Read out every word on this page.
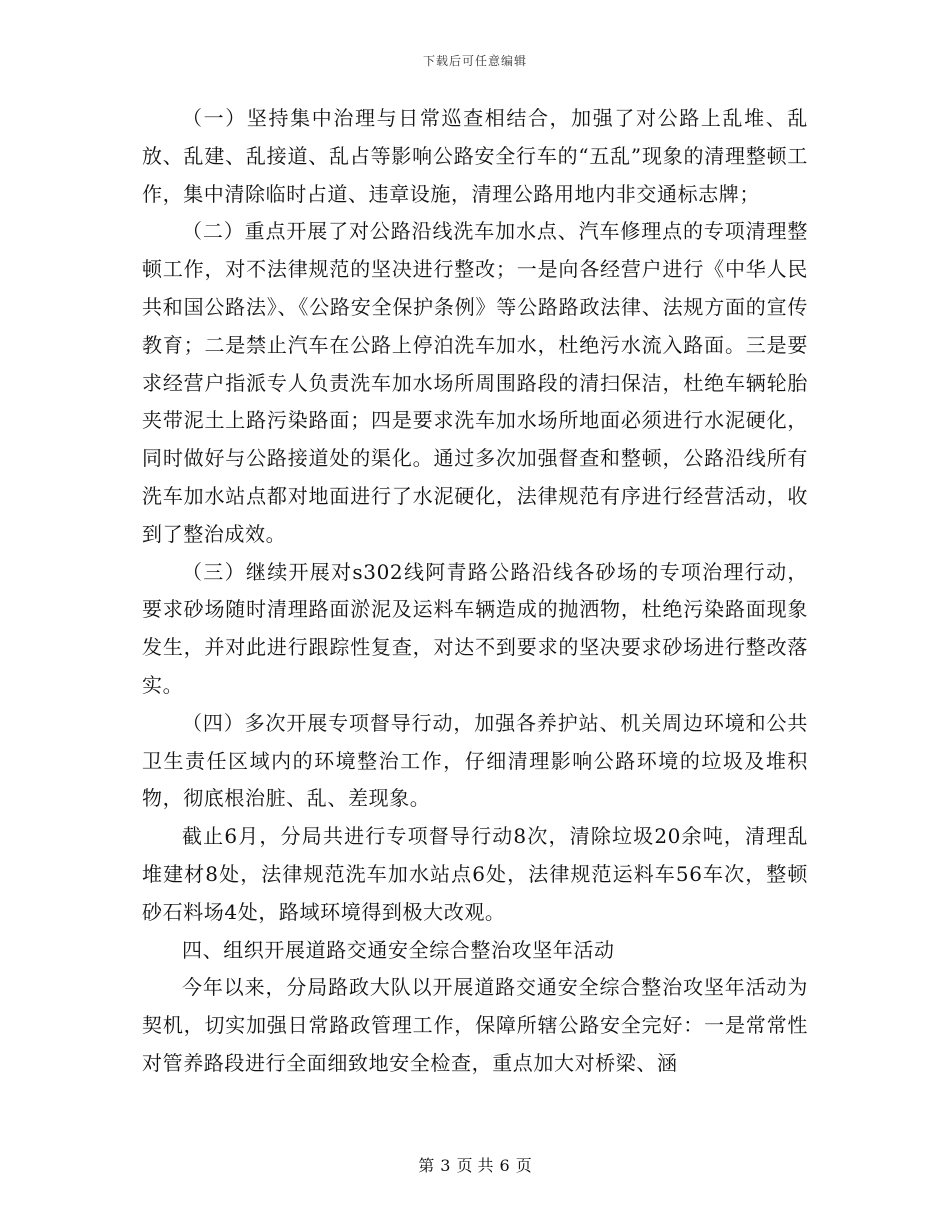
下载后可任意编辑

（一）坚持集中治理与日常巡查相结合，加强了对公路上乱堆、乱放、乱建、乱接道、乱占等影响公路安全行车的“五乱”现象的清理整顿工作，集中清除临时占道、违章设施，清理公路用地内非交通标志牌；

（二）重点开展了对公路沿线洗车加水点、汽车修理点的专项清理整顿工作，对不法律规范的坚决进行整改；一是向各经营户进行《中华人民共和国公路法》、《公路安全保护条例》等公路路政法律、法规方面的宣传教育；二是禁止汽车在公路上停泊洗车加水，杜绝污水流入路面。三是要求经营户指派专人负责洗车加水场所周围路段的清扫保洁，杜绝车辆轮胎夹带泥土上路污染路面；四是要求洗车加水场所地面必须进行水泥硬化，同时做好与公路接道处的渠化。通过多次加强督查和整顿，公路沿线所有洗车加水站点都对地面进行了水泥硬化，法律规范有序进行经营活动，收到了整治成效。

（三）继续开展对s302线阿青路公路沿线各砂场的专项治理行动，要求砂场随时清理路面淤泥及运料车辆造成的抛洒物，杜绝污染路面现象发生，并对此进行跟踪性复查，对达不到要求的坚决要求砂场进行整改落实。

（四）多次开展专项督导行动，加强各养护站、机关周边环境和公共卫生责任区域内的环境整治工作，仔细清理影响公路环境的垃圾及堆积物，彻底根治脏、乱、差现象。

截止6月，分局共进行专项督导行动8次，清除垃圾20余吨，清理乱堆建材8处，法律规范洗车加水站点6处，法律规范运料车56车次，整顿砂石料场4处，路域环境得到极大改观。

四、组织开展道路交通安全综合整治攻坚年活动

今年以来，分局路政大队以开展道路交通安全综合整治攻坚年活动为契机，切实加强日常路政管理工作，保障所辖公路安全完好：一是常常性对管养路段进行全面细致地安全检查，重点加大对桥梁、涵

第 3 页 共 6 页
